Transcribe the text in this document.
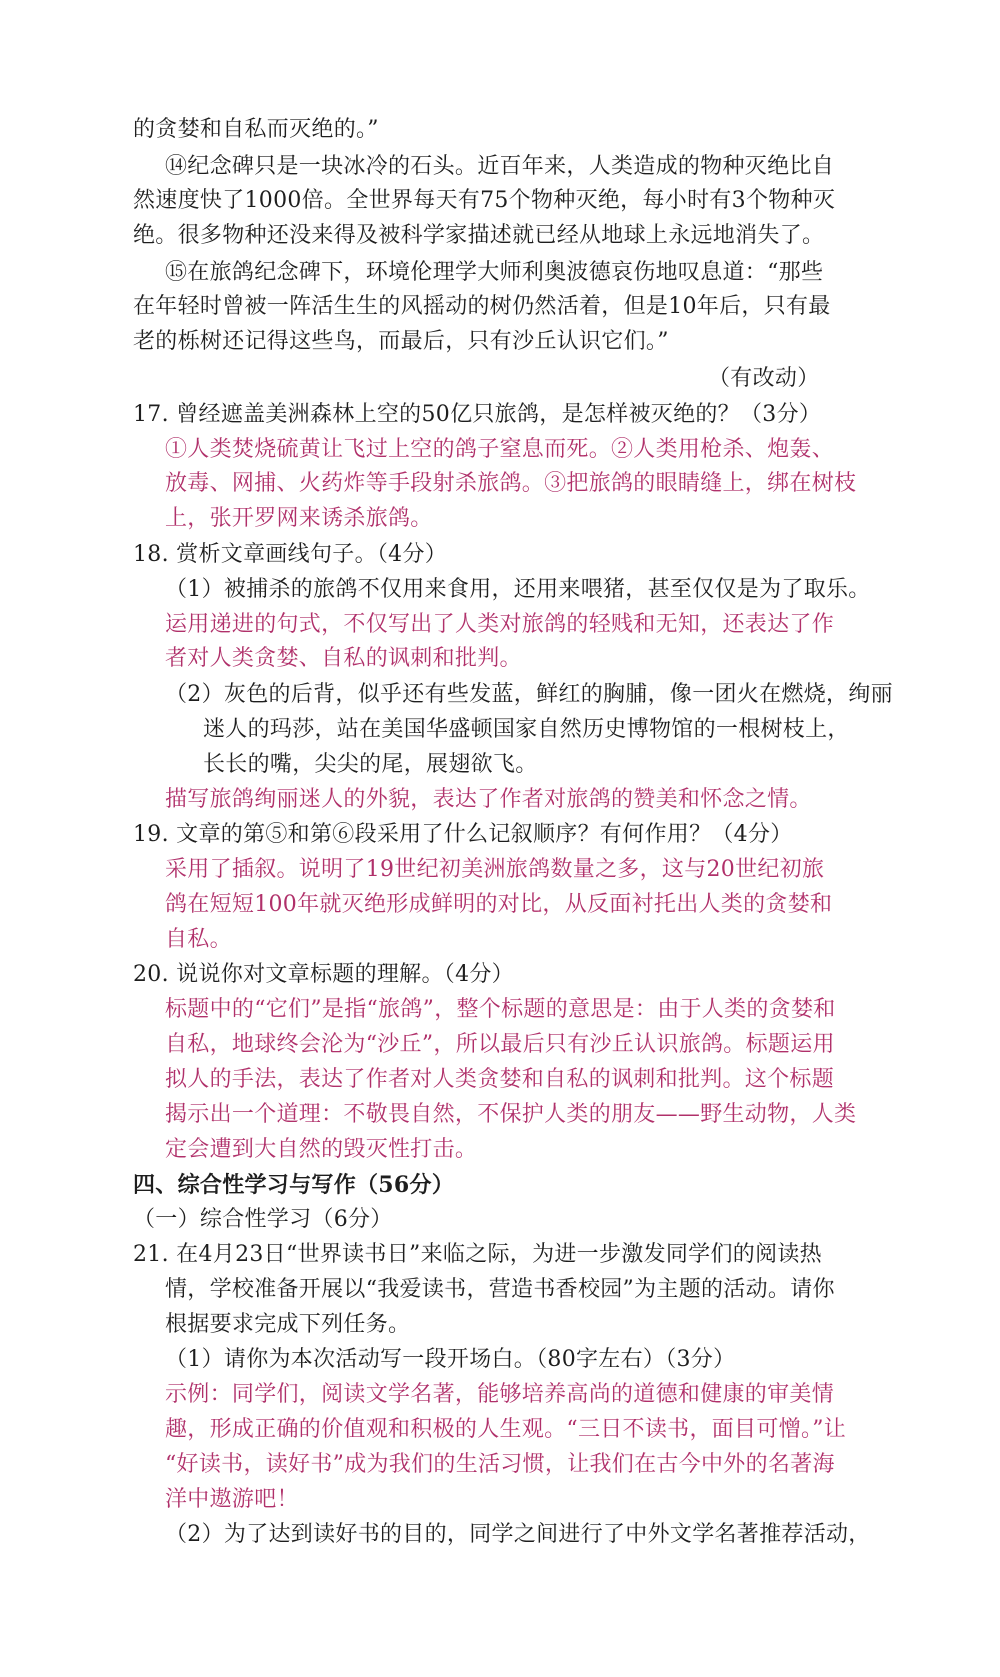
的贪婪和自私而灭绝的。”
⑭纪念碑只是一块冰冷的石头。近百年来，人类造成的物种灭绝比自
然速度快了1000倍。全世界每天有75个物种灭绝，每小时有3个物种灭
绝。很多物种还没来得及被科学家描述就已经从地球上永远地消失了。
⑮在旅鸽纪念碑下，环境伦理学大师利奥波德哀伤地叹息道：“那些
在年轻时曾被一阵活生生的风摇动的树仍然活着，但是10年后，只有最
老的栎树还记得这些鸟，而最后，只有沙丘认识它们。”
（有改动）
17. 曾经遮盖美洲森林上空的50亿只旅鸽，是怎样被灭绝的？（3分）
①人类焚烧硫黄让飞过上空的鸽子窒息而死。②人类用枪杀、炮轰、
放毒、网捕、火药炸等手段射杀旅鸽。③把旅鸽的眼睛缝上，绑在树枝
上，张开罗网来诱杀旅鸽。
18. 赏析文章画线句子。（4分）
（1）被捕杀的旅鸽不仅用来食用，还用来喂猪，甚至仅仅是为了取乐。
运用递进的句式，不仅写出了人类对旅鸽的轻贱和无知，还表达了作
者对人类贪婪、自私的讽刺和批判。
（2）灰色的后背，似乎还有些发蓝，鲜红的胸脯，像一团火在燃烧，绚丽
迷人的玛莎，站在美国华盛顿国家自然历史博物馆的一根树枝上，
长长的嘴，尖尖的尾，展翅欲飞。
描写旅鸽绚丽迷人的外貌，表达了作者对旅鸽的赞美和怀念之情。
19. 文章的第⑤和第⑥段采用了什么记叙顺序？有何作用？（4分）
采用了插叙。说明了19世纪初美洲旅鸽数量之多，这与20世纪初旅
鸽在短短100年就灭绝形成鲜明的对比，从反面衬托出人类的贪婪和
自私。
20. 说说你对文章标题的理解。（4分）
标题中的“它们”是指“旅鸽”，整个标题的意思是：由于人类的贪婪和
自私，地球终会沦为“沙丘”，所以最后只有沙丘认识旅鸽。标题运用
拟人的手法，表达了作者对人类贪婪和自私的讽刺和批判。这个标题
揭示出一个道理：不敬畏自然，不保护人类的朋友——野生动物，人类
定会遭到大自然的毁灭性打击。
四、综合性学习与写作（56分）
（一）综合性学习（6分）
21. 在4月23日“世界读书日”来临之际，为进一步激发同学们的阅读热
情，学校准备开展以“我爱读书，营造书香校园”为主题的活动。请你
根据要求完成下列任务。
（1）请你为本次活动写一段开场白。（80字左右）（3分）
示例：同学们，阅读文学名著，能够培养高尚的道德和健康的审美情
趣，形成正确的价值观和积极的人生观。“三日不读书，面目可憎。”让
“好读书，读好书”成为我们的生活习惯，让我们在古今中外的名著海
洋中遨游吧！
（2）为了达到读好书的目的，同学之间进行了中外文学名著推荐活动，
